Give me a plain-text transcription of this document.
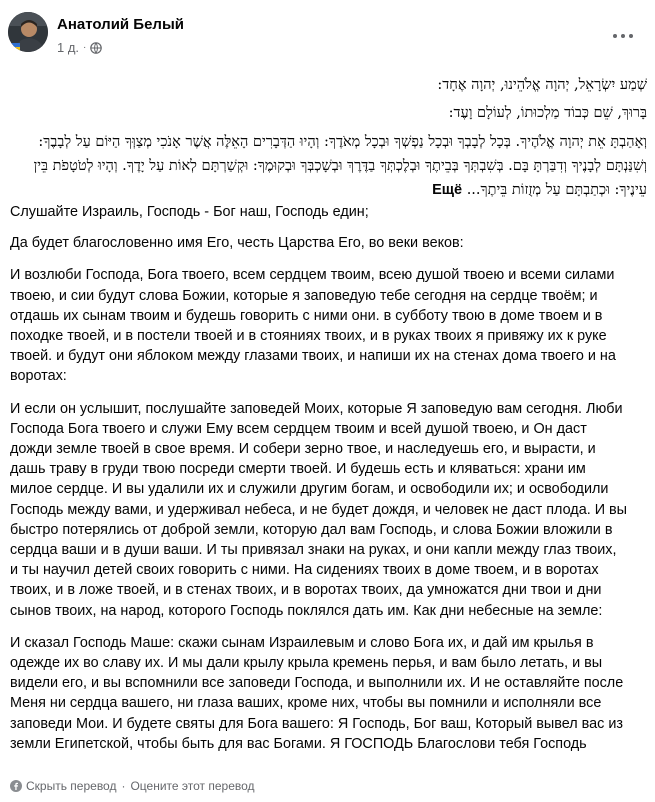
Анатолий Белый
1 д. ·

שְׁמַע יִשְׂרָאֵל, יְהוָה אֱלֹהֵינוּ, יְהוָה אֶחָד:

בָּרוּךְ, שֵׁם כְּבוֹד מַלְכוּתוֹ, לְעוֹלָם וָעֶד:

וְאָהַבְתָּ אֵת יְהוָה אֱלֹהֶיךָ. בְּכָל לְבָבְךָ וּבְכָל נַפְשְׁךָ וּבְכָל מְאֹדֶךָ: וְהָיוּ הַדְּבָרִים הָאֵלֶּה אֲשֶׁר אָנֹכִי מְצַוְּךָ הַיּוֹם עַל לְבָבֶךָ:

וְשִׁנַּנְתָּם לְבָנֶיךָ וְדִבַּרְתָּ בָּם. בְּשִׁבְתְּךָ בְּבֵיתֶךָ וּבְלֶכְתְּךָ בַדֶּרֶךְ וּבְשָׁכְבְּךָ וּבְקוּמֶךָ: וּקְשַׁרְתָּם לְאוֹת עַל יָדֶךָ. וְהָיוּ לְטֹטָפֹת בֵּין

עֵינֶיךָ: וּכְתַבְתָּם עַל מְזֻזוֹת בֵּיתֶךָ... Ещё

Слушайте Израиль, Господь - Бог наш, Господь един;

Да будет благословенно имя Его, честь Царства Его, во веки веков:

И возлюби Господа, Бога твоего, всем сердцем твоим, всею душой твоею и всеми силами твоею, и сии будут слова Божии, которые я заповедую тебе сегодня на сердце твоём; и отдашь их сынам твоим и будешь говорить с ними они. в субботу твою в доме твоем и в походке твоей, и в постели твоей и в стояниях твоих, и в руках твоих я привяжу их к руке твоей. и будут они яблоком между глазами твоих, и напиши их на стенах дома твоего и на воротах:

И если он услышит, послушайте заповедей Моих, которые Я заповедую вам сегодня. Люби Господа Бога твоего и служи Ему всем сердцем твоим и всей душой твоею, и Он даст дожди земле твоей в свое время. И собери зерно твое, и наследуешь его, и вырасти, и дашь траву в груди твою посреди смерти твоей. И будешь есть и кляваться: храни им милое сердце. И вы удалили их и служили другим богам, и освободили их; и освободили Господь между вами, и удерживал небеса, и не будет дождя, и человек не даст плода. И вы быстро потерялись от доброй земли, которую дал вам Господь, и слова Божии вложили в сердца ваши и в души ваши. И ты привязал знаки на руках, и они капли между глаз твоих, и ты научил детей своих говорить с ними. На сидениях твоих в доме твоем, и в воротах твоих, и в ложе твоей, и в стенах твоих, и в воротах твоих, да умножатся дни твои и дни сынов твоих, на народ, которого Господь поклялся дать им. Как дни небесные на земле:

И сказал Господь Маше: скажи сынам Израилевым и слово Бога их, и дай им крылья в одежде их во славу их. И мы дали крылу крыла кремень перья, и вам было летать, и вы видели его, и вы вспомнили все заповеди Господа, и выполнили их. И не оставляйте после Меня ни сердца вашего, ни глаза ваших, кроме них, чтобы вы помнили и исполняли все заповеди Мои. И будете святы для Бога вашего: Я Господь, Бог ваш, Который вывел вас из земли Египетской, чтобы быть для вас Богами. Я ГОСПОДЬ Благослови тебя Господь

Скрыть перевод · Оцените этот перевод
